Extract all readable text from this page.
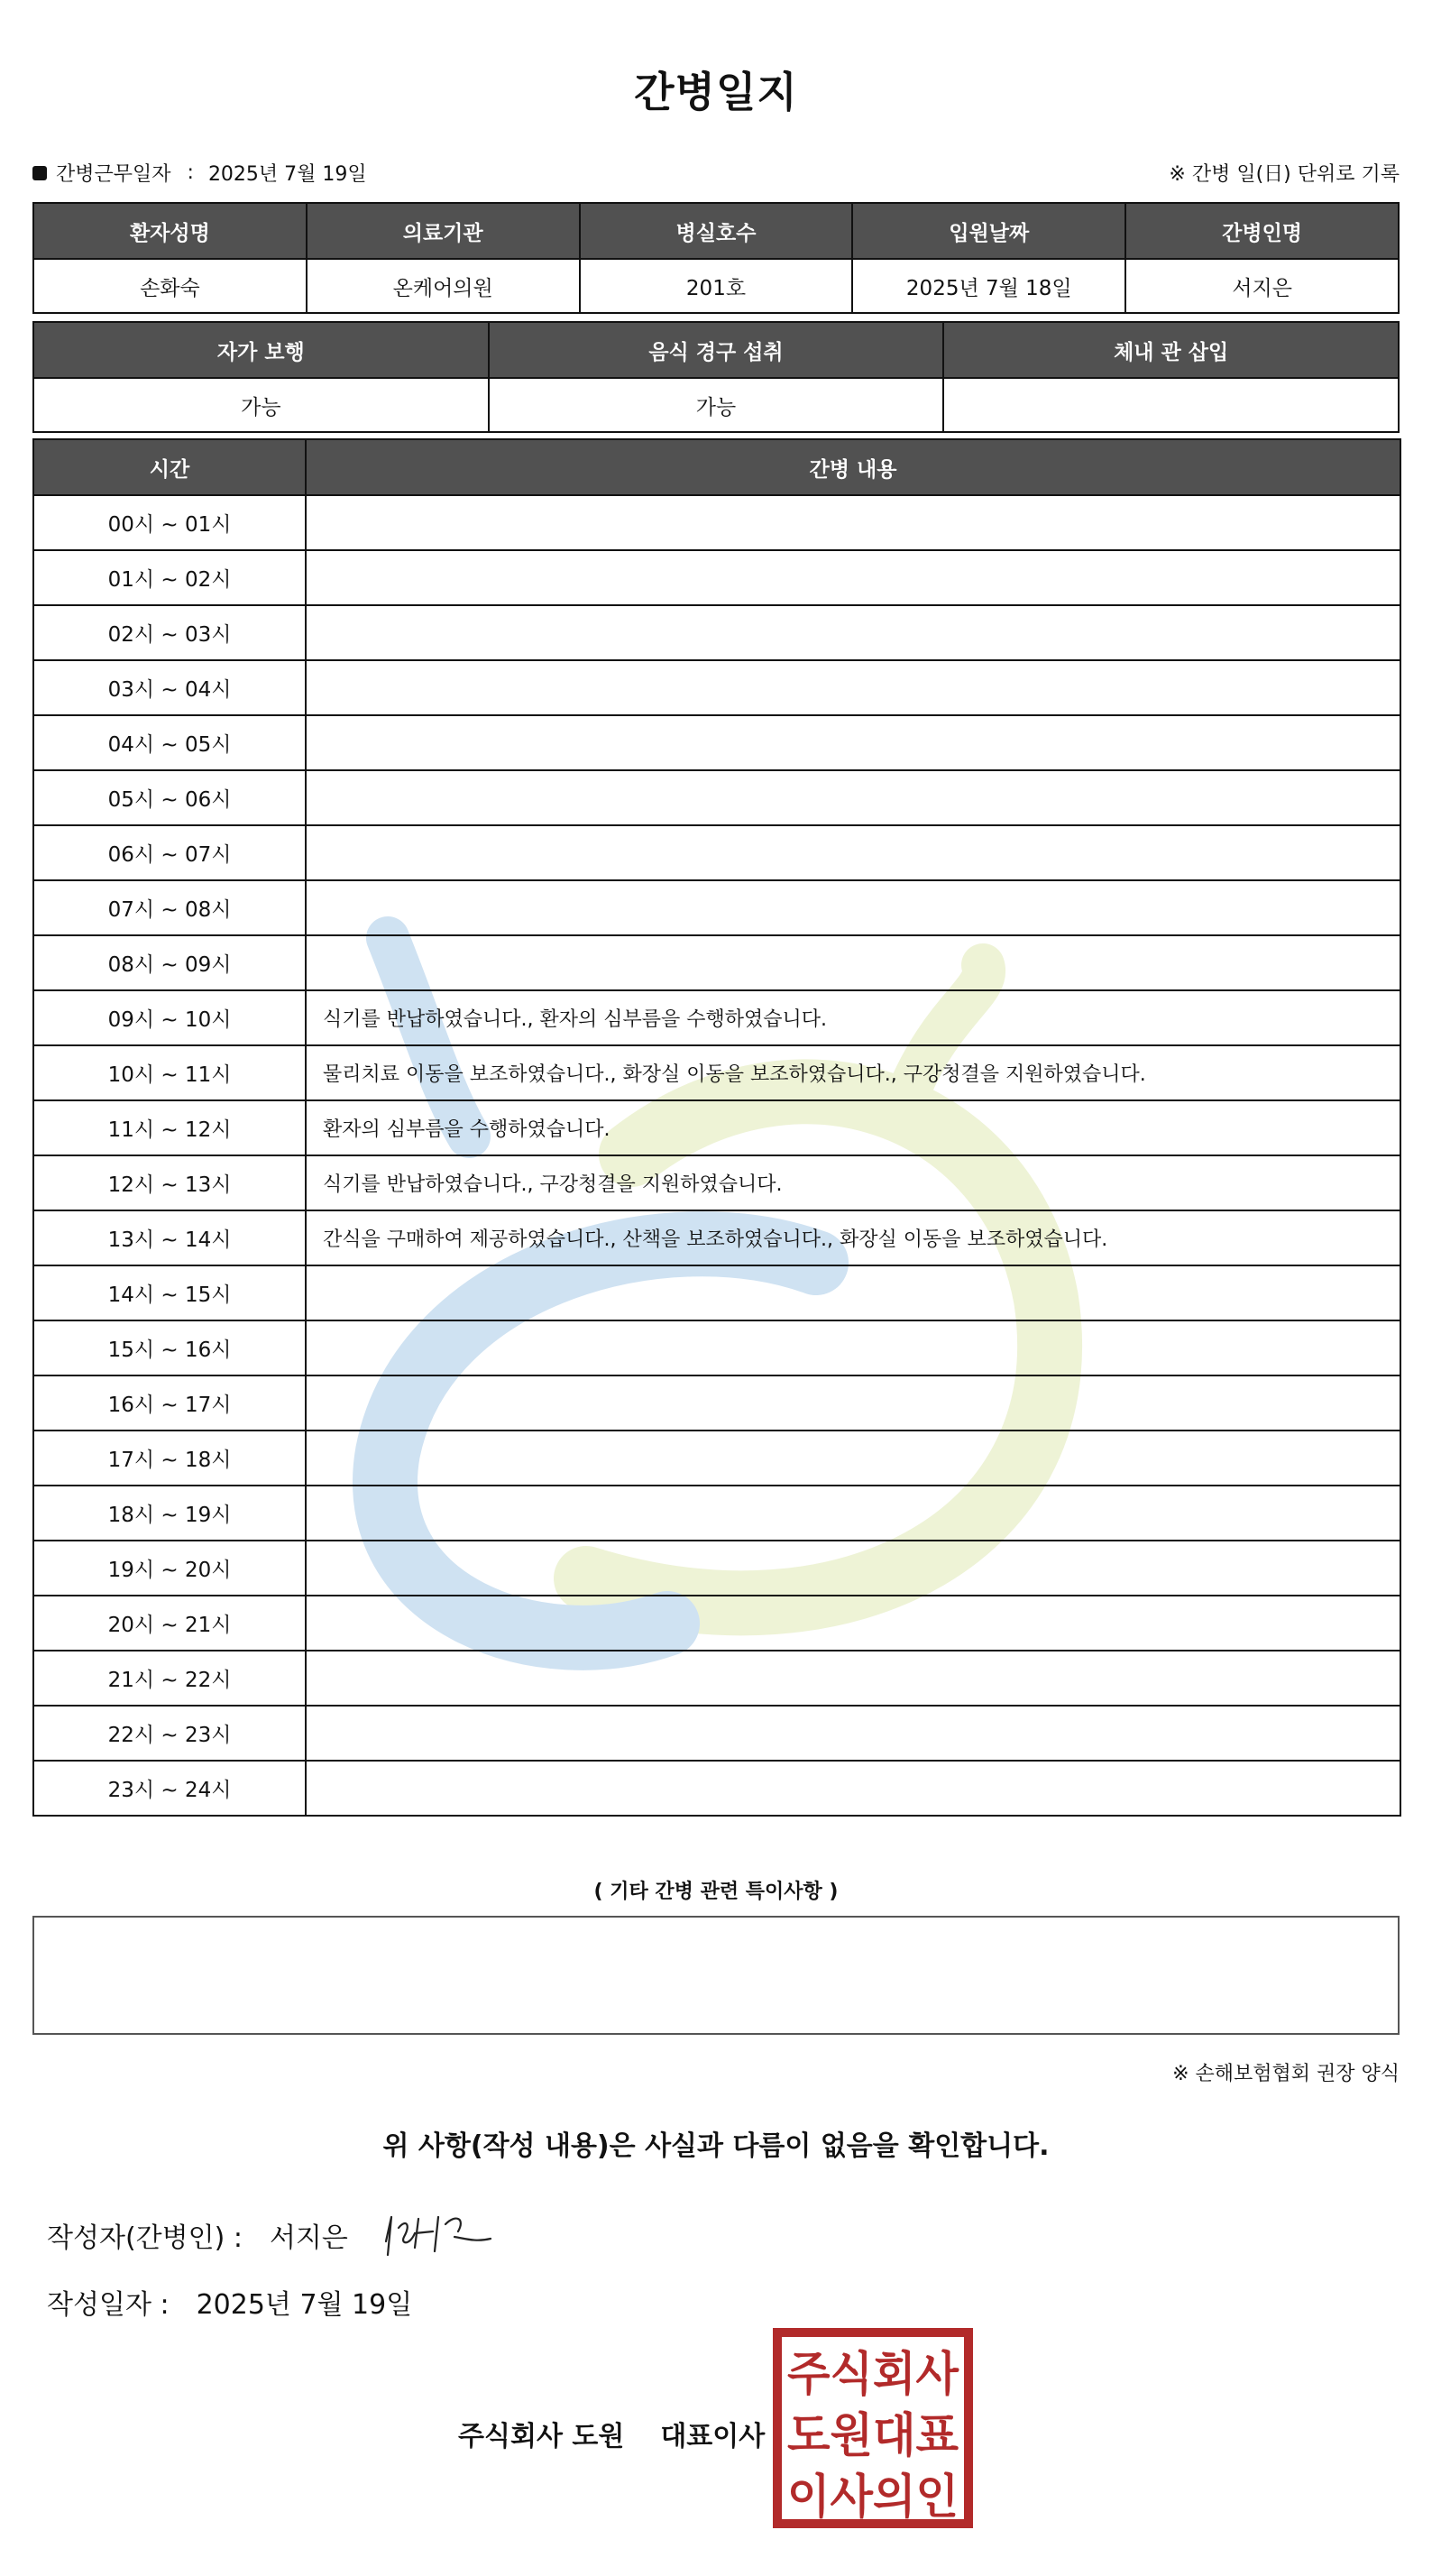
간병일지
간병근무일자 : 2025년 7월 19일	※ 간병 일(日) 단위로 기록
환자성명	의료기관	병실호수	입원날짜	간병인명
손화숙	온케어의원	201호	2025년 7월 18일	서지은
자가 보행	음식 경구 섭취	체내 관 삽입
가능	가능	
시간	간병 내용
00시 ~ 01시	
01시 ~ 02시	
02시 ~ 03시	
03시 ~ 04시	
04시 ~ 05시	
05시 ~ 06시	
06시 ~ 07시	
07시 ~ 08시	
08시 ~ 09시	
09시 ~ 10시	식기를 반납하였습니다., 환자의 심부름을 수행하였습니다.
10시 ~ 11시	물리치료 이동을 보조하였습니다., 화장실 이동을 보조하였습니다., 구강청결을 지원하였습니다.
11시 ~ 12시	환자의 심부름을 수행하였습니다.
12시 ~ 13시	식기를 반납하였습니다., 구강청결을 지원하였습니다.
13시 ~ 14시	간식을 구매하여 제공하였습니다., 산책을 보조하였습니다., 화장실 이동을 보조하였습니다.
14시 ~ 15시	
15시 ~ 16시	
16시 ~ 17시	
17시 ~ 18시	
18시 ~ 19시	
19시 ~ 20시	
20시 ~ 21시	
21시 ~ 22시	
22시 ~ 23시	
23시 ~ 24시	
( 기타 간병 관련 특이사항 )
※ 손해보험협회 권장 양식
위 사항(작성 내용)은 사실과 다름이 없음을 확인합니다.
작성자(간병인) : 서지은
작성일자 : 2025년 7월 19일
주식회사 도원 대표이사
주식회사
도원대표
이사의인
